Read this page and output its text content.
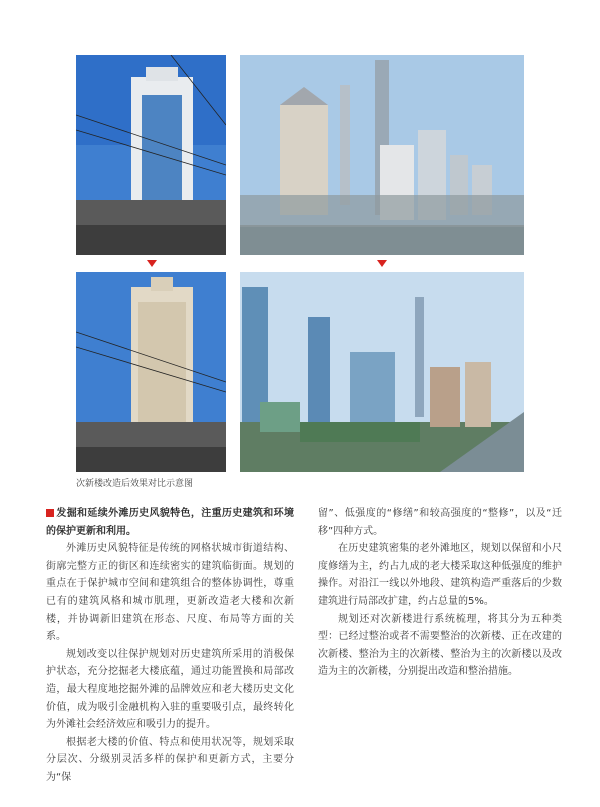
次新楼改造后效果对比示意图

发掘和延续外滩历史风貌特色，注重历史建筑和环境的保护更新和利用。

外滩历史风貌特征是传统的网格状城市街道结构、街廓完整方正的街区和连续密实的建筑临街面。规划的重点在于保护城市空间和建筑组合的整体协调性，尊重已有的建筑风格和城市肌理，更新改造老大楼和次新楼，并协调新旧建筑在形态、尺度、布局等方面的关系。

规划改变以往保护规划对历史建筑所采用的消极保护状态，充分挖掘老大楼底蕴，通过功能置换和局部改造，最大程度地挖掘外滩的品牌效应和老大楼历史文化价值，成为吸引金融机构入驻的重要吸引点，最终转化为外滩社会经济效应和吸引力的提升。

根据老大楼的价值、特点和使用状况等，规划采取分层次、分级别灵活多样的保护和更新方式，主要分为“保

留”、低强度的“修缮”和较高强度的“整修”，以及“迁移”四种方式。

在历史建筑密集的老外滩地区，规划以保留和小尺度修缮为主，约占九成的老大楼采取这种低强度的维护操作。对沿江一线以外地段、建筑构造严重落后的少数建筑进行局部改扩建，约占总量的5%。

规划还对次新楼进行系统梳理，将其分为五种类型：已经过整治或者不需要整治的次新楼、正在改建的次新楼、整治为主的次新楼、整治为主的次新楼以及改造为主的次新楼，分别提出改造和整治措施。
